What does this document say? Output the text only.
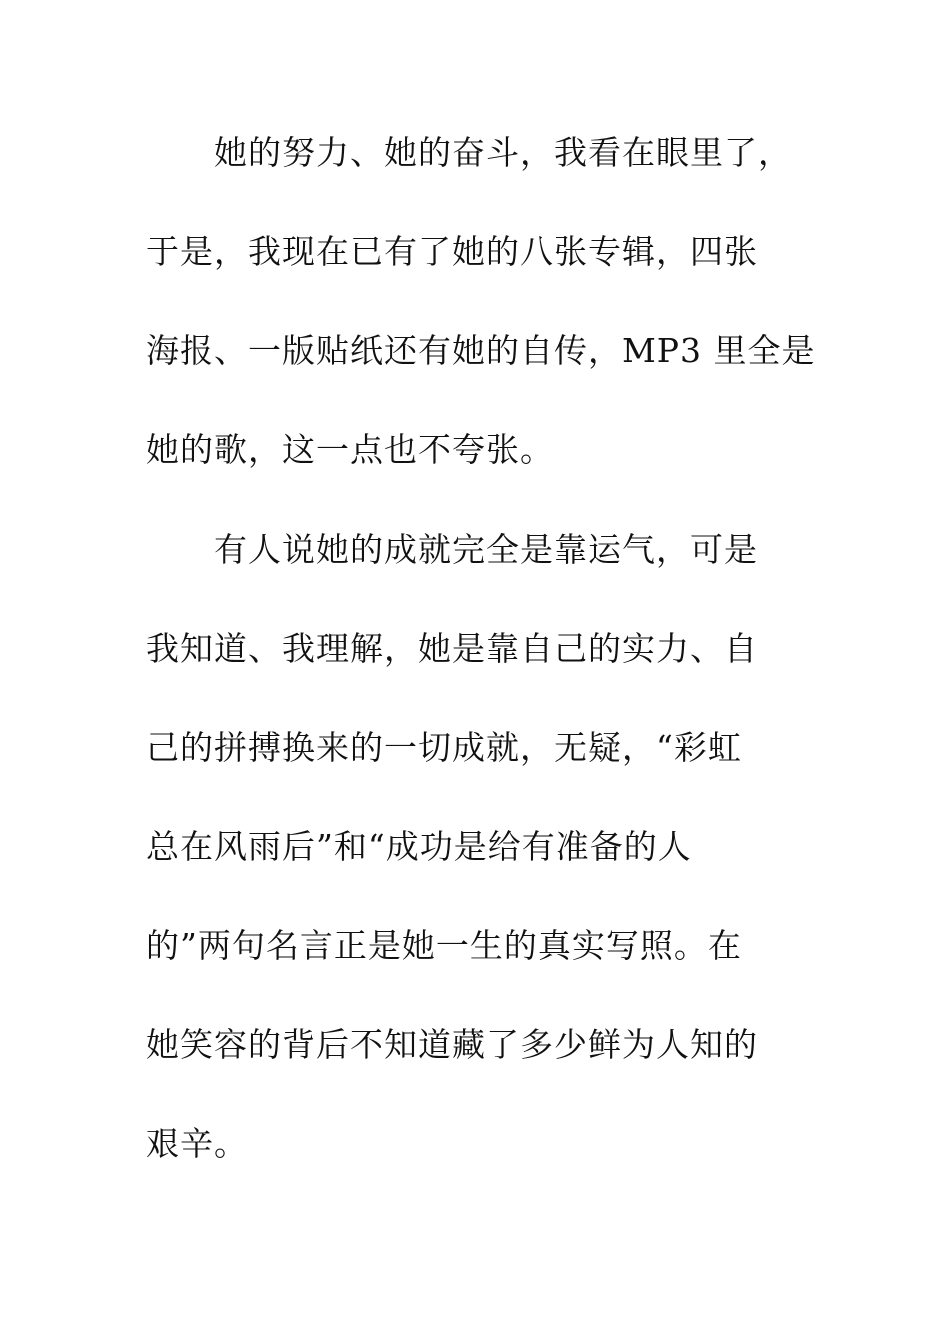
她的努力、她的奋斗，我看在眼里了，
于是，我现在已有了她的八张专辑，四张
海报、一版贴纸还有她的自传，MP3 里全是
她的歌，这一点也不夸张。
有人说她的成就完全是靠运气，可是
我知道、我理解，她是靠自己的实力、自
己的拼搏换来的一切成就，无疑，“彩虹
总在风雨后”和“成功是给有准备的人
的”两句名言正是她一生的真实写照。在
她笑容的背后不知道藏了多少鲜为人知的
艰辛。
